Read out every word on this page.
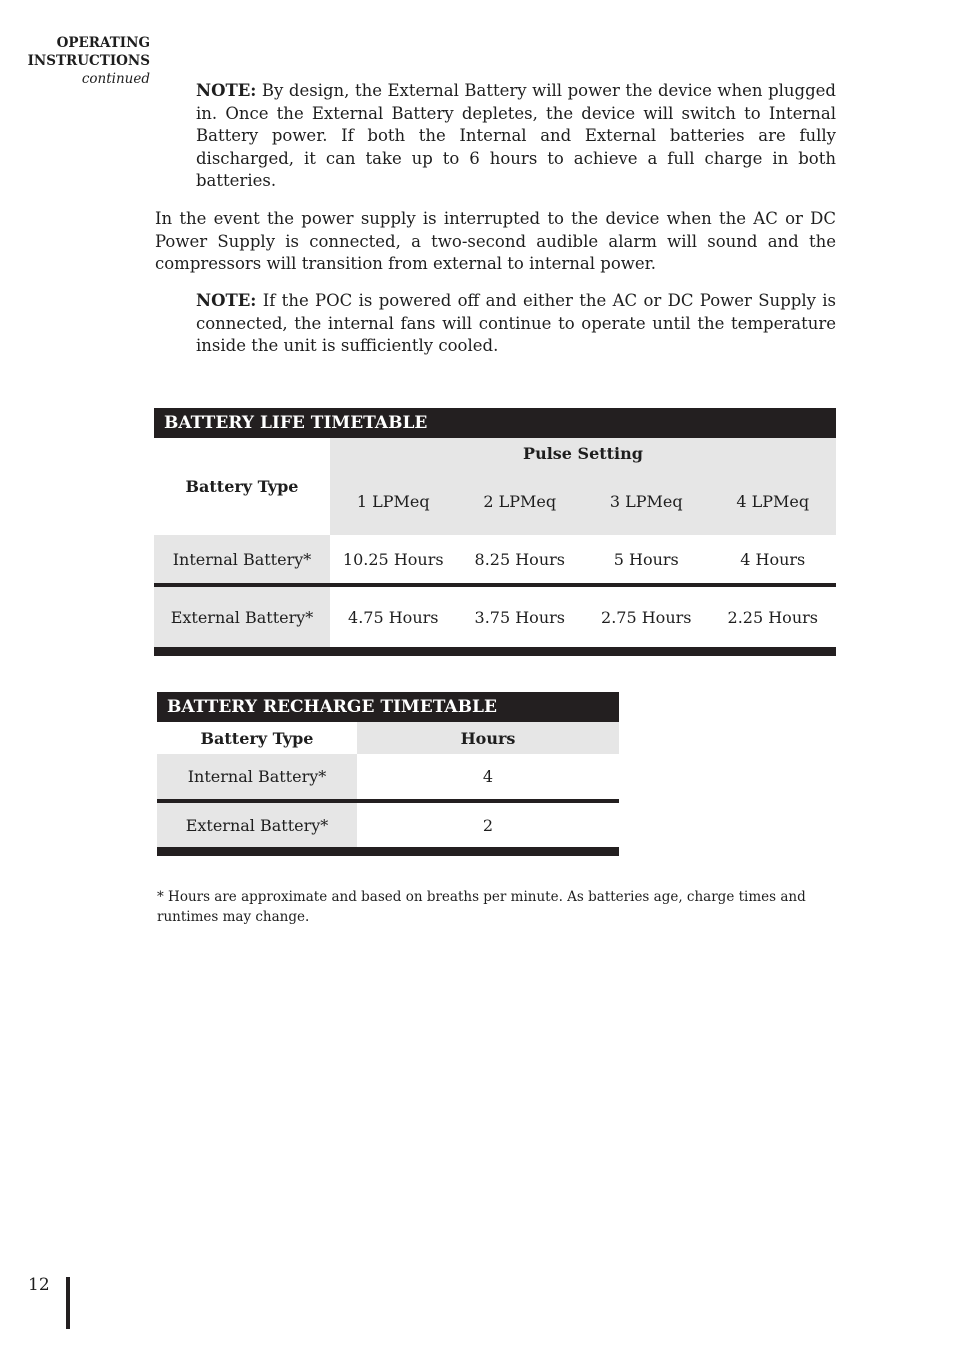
OPERATING
INSTRUCTIONS
continued
NOTE: By design, the External Battery will power the device when plugged in. Once the External Battery depletes, the device will switch to Internal Battery power. If both the Internal and External batteries are fully discharged, it can take up to 6 hours to achieve a full charge in both batteries.
In the event the power supply is interrupted to the device when the AC or DC Power Supply is connected, a two-second audible alarm will sound and the compressors will transition from external to internal power.
NOTE: If the POC is powered off and either the AC or DC Power Supply is connected, the internal fans will continue to operate until the temperature inside the unit is sufficiently cooled.
BATTERY LIFE TIMETABLE				
Battery Type	Pulse Setting			
	1 LPMeq	2 LPMeq	3 LPMeq	4 LPMeq
Internal Battery*	10.25 Hours	8.25 Hours	5 Hours	4 Hours
External Battery*	4.75 Hours	3.75 Hours	2.75 Hours	2.25 Hours
BATTERY RECHARGE TIMETABLE	
Battery Type	Hours
Internal Battery*	4
External Battery*	2
* Hours are approximate and based on breaths per minute. As batteries age, charge times and runtimes may change.
12
